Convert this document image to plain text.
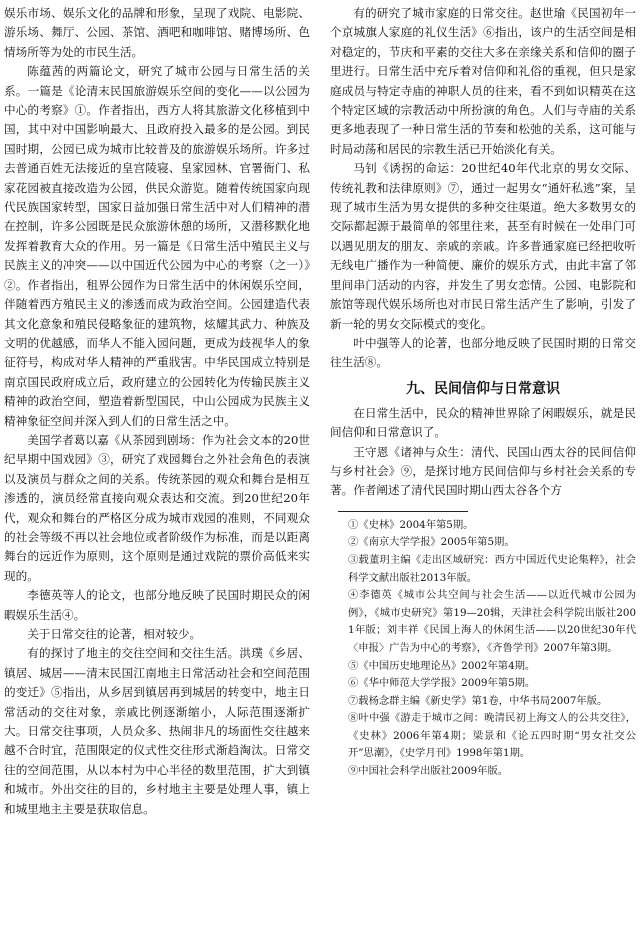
娱乐市场、娱乐文化的品牌和形象，呈现了戏院、电影院、游乐场、舞厅、公园、茶馆、酒吧和咖啡馆、赌博场所、色情场所等为处的市民生活。

陈蕴茜的两篇论文，研究了城市公园与日常生活的关系。一篇是《论清末民国旅游娱乐空间的变化——以公园为中心的考察》①。作者指出，西方人将其旅游文化移植到中国，其中对中国影响最大、且政府投入最多的是公园。到民国时期，公园已成为城市比较普及的旅游娱乐场所。许多过去普通百姓无法接近的皇宫陵寝、皇家园林、官署衙门、私家花园被直接改造为公园，供民众游览。随着传统国家向现代民族国家转型，国家日益加强日常生活中对人们精神的潜在控制，许多公园既是民众旅游休憩的场所，又潜移默化地发挥着教育大众的作用。另一篇是《日常生活中殖民主义与民族主义的冲突——以中国近代公园为中心的考察（之一）》②。作者指出，租界公园作为日常生活中的休闲娱乐空间，伴随着西方殖民主义的渗透而成为政治空间。公园建造代表其文化意象和殖民侵略象征的建筑物，炫耀其武力、种族及文明的优越感，而华人不能入园问题，更成为歧视华人的象征符号，构成对华人精神的严重戕害。中华民国成立特别是南京国民政府成立后，政府建立的公园转化为传输民族主义精神的政治空间，塑造着新型国民，中山公园成为民族主义精神象征空间并深入到人们的日常生活之中。

美国学者葛以嘉《从茶园到剧场：作为社会文本的20世纪早期中国戏园》③，研究了戏园舞台之外社会角色的表演以及演员与群众之间的关系。传统茶园的观众和舞台是相互渗透的，演员经常直接向观众表达和交流。到20世纪20年代，观众和舞台的严格区分成为城市戏园的准则，不同观众的社会等级不再以社会地位或者阶级作为标准，而是以距离舞台的远近作为原则，这个原则是通过戏院的票价高低来实现的。

李德英等人的论文，也部分地反映了民国时期民众的闲暇娱乐生活④。

关于日常交往的论著，相对较少。

有的探讨了地主的交往空间和交往生活。洪璞《乡居、镇居、城居——清末民国江南地主日常活动社会和空间范围的变迁》⑤指出，从乡居到镇居再到城居的转变中，地主日常活动的交往对象，亲戚比例逐渐缩小，人际范围逐渐扩大。日常交往事项，人员众多、热闹非凡的场面性交往越来越不合时宜，范围限定的仪式性交往形式渐趋淘汰。日常交往的空间范围，从以本村为中心半径的数里范围，扩大到镇和城市。外出交往的目的，乡村地主主要是处理人事，镇上和城里地主主要是获取信息。

有的研究了城市家庭的日常交往。赵世瑜《民国初年一个京城旗人家庭的礼仪生活》⑥指出，该户的生活空间是相对稳定的，节庆和平素的交往大多在亲缘关系和信仰的圈子里进行。日常生活中充斥着对信仰和礼俗的重视，但只是家庭成员与特定寺庙的神职人员的往来，看不到如识精英在这个特定区域的宗教活动中所扮演的角色。人们与寺庙的关系更多地表现了一种日常生活的节奏和松弛的关系，这可能与时局动荡和居民的宗教生活已开始淡化有关。

马钊《诱拐的命运：20世纪40年代北京的男女交际、传统礼教和法律原则》⑦，通过一起男女“通奸私逃”案，呈现了城市生活为男女提供的多种交往渠道。绝大多数男女的交际都起源于最简单的邻里往来，甚至有时候在一处串门可以遇见朋友的朋友、亲戚的亲戚。许多普通家庭已经把收听无线电广播作为一种简便、廉价的娱乐方式，由此丰富了邻里间串门活动的内容，并发生了男女恋情。公园、电影院和旅馆等现代娱乐场所也对市民日常生活产生了影响，引发了新一轮的男女交际模式的变化。

叶中强等人的论著，也部分地反映了民国时期的日常交往生活⑧。

九、民间信仰与日常意识

在日常生活中，民众的精神世界除了闲暇娱乐，就是民间信仰和日常意识了。

王守恩《诸神与众生：清代、民国山西太谷的民间信仰与乡村社会》⑨，是探讨地方民间信仰与乡村社会关系的专著。作者阐述了清代民国时期山西太谷各个方

①《史林》2004年第5期。
②《南京大学学报》2005年第5期。
③载董玥主编《走出区域研究：西方中国近代史论集粹》，社会科学文献出版社2013年版。
④李德英《城市公共空间与社会生活——以近代城市公园为例》，《城市史研究》第19—20辑，天津社会科学院出版社2001年版；刘丰祥《民国上海人的休闲生活——以20世纪30年代〈申报〉广告为中心的考察》，《齐鲁学刊》2007年第3期。
⑤《中国历史地理论丛》2002年第4期。
⑥《华中师范大学学报》2009年第5期。
⑦载杨念群主编《新史学》第1卷，中华书局2007年版。
⑧叶中强《游走于城市之间：晚清民初上海文人的公共交往》，《史林》2006年第4期；梁景和《论五四时期“男女社交公开”思潮》，《史学月刊》1998年第1期。
⑨中国社会科学出版社2009年版。
